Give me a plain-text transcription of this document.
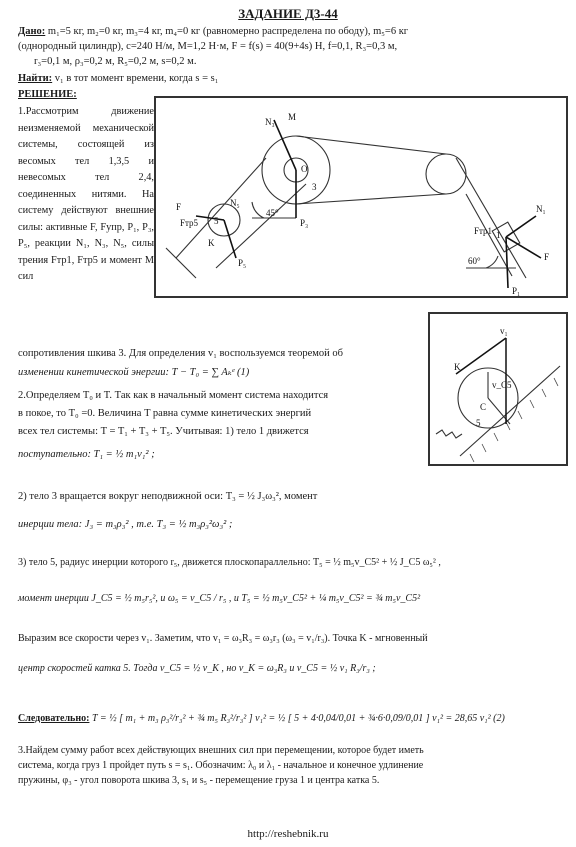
ЗАДАНИЕ Д3-44
Дано: m₁=5 кг, m₂=0 кг, m₃=4 кг, m₄=0 кг (равномерно распределена по ободу), m₅=6 кг
(однородный цилиндр), c=240 Н/м, M=1,2 Н·м, F = f(s) = 40(9+4s) Н, f=0,1, R₃=0,3 м,
r₃=0,1 м, ρ₃=0,2 м, R₅=0,2 м, s=0,2 м.
Найти: v₁ в тот момент времени, когда s = s₁
РЕШЕНИЕ:
1.Рассмотрим движение неизменяемой механической системы, состоящей из весомых тел 1,3,5 и невесомых тел 2,4, соединенных нитями. На систему действуют внешние силы: активные F, Fупр, P₁, P₃, P₅, реакции N₁, N₃, N₅, силы трения Fтр1, Fтр5 и момент M сил
N₃ M
O
3
1
P₃
N₁
F
Fтр1
P₁
5
N₅
Fтр5
P₅
F
K
45°
60°
v₁
K
v_C5
C
5
сопротивления шкива 3. Для определения v₁ воспользуемся теоремой об
изменении кинетической энергии: T − T₀ = ∑ Aₖᵉ (1)
2.Определяем T₀ и T. Так как в начальный момент система находится
в покое, то T₀ =0. Величина T равна сумме кинетических энергий
всех тел системы: T = T₁ + T₃ + T₅. Учитывая: 1) тело 1 движется
поступательно: T₁ = ½ m₁v₁² ;
2) тело 3 вращается вокруг неподвижной оси: T₃ = ½ J₃ω₃², момент
инерции тела: J₃ = m₃ρ₃² , т.е. T₃ = ½ m₃ρ₃²ω₃² ;
3) тело 5, радиус инерции которого r₅, движется плоскопараллельно: T₅ = ½ m₅v_C5² + ½ J_C5 ω₅² ,
момент инерции J_C5 = ½ m₅r₅², и ω₅ = v_C5 / r₅ , и T₅ = ½ m₅v_C5² + ¼ m₅v_C5² = ¾ m₅v_C5²
Выразим все скорости через v₁. Заметим, что v₁ = ω₃R₃ = ω₃r₃ (ω₃ = v₁/r₃). Точка K - мгновенный
центр скоростей катка 5. Тогда v_C5 = ½ v_K , но v_K = ω₃R₃ и v_C5 = ½ v₁ R₃/r₃ ;
Следовательно: T = ½ [ m₁ + m₃ ρ₃²/r₃² + ¾ m₅ R₃²/r₃² ] v₁² = ½ [ 5 + 4·0,04/0,01 + ¾·6·0,09/0,01 ] v₁² = 28,65 v₁² (2)
3.Найдем сумму работ всех действующих внешних сил при перемещении, которое будет иметь
система, когда груз 1 пройдет путь s = s₁. Обозначим: λ₀ и λ₁ - начальное и конечное удлинение
пружины, φ₃ - угол поворота шкива 3, s₁ и s₅ - перемещение груза 1 и центра катка 5.
http://reshebnik.ru
